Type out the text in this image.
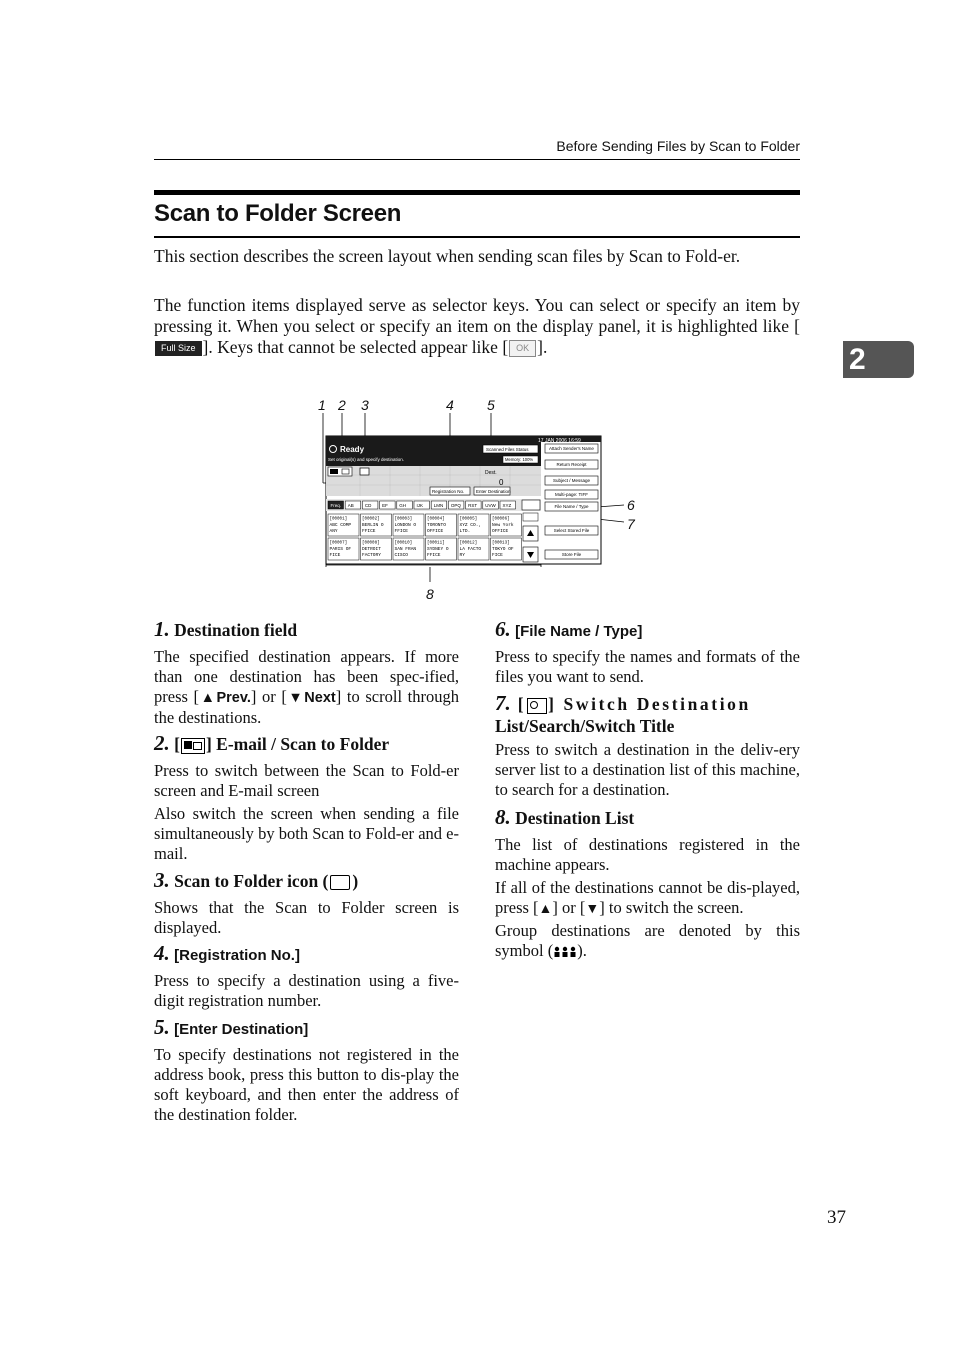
Before Sending Files by Scan to Folder
Scan to Folder Screen
2
This section describes the screen layout when sending scan files by Scan to Fold-er.
The function items displayed serve as selector keys. You can select or specify an item by pressing it. When you select or specify an item on the display panel, it is highlighted like [Full Size ]. Keys that cannot be selected appear like [ OK ].
1 2 3	4 5
6
7
8
17 JAN 2006 16:59
Ready
Set original(s) and specify destination.
Scanned Files Status
Memory: 100%
Dest.
0
Registration No.	Enter Destination
Freq. AB CD EF	GH IJK LMN OPQ RST UVW XYZ
[00001]
ABC COMP
ANY
[00002]
BERLIN O
FFICE
[00003]
LONDON O
FFICE
[00004]
TORONTO
OFFICE
[00005]
XYZ CO.,
LTD.
[00006]
New York
OFFICE
[00007]
PARIS OF
FICE
[00008]
DETROIT
FACTORY
[00010]
SAN FRAN
CISCO
[00011]
SYDNEY O
FFICE
[00012]
LA FACTO
RY
[00013]
TOKYO OF
FICE
Attach Sender's Name
Return Receipt
Subject / Message
Multi-page: TIFF
File Name / Type
Select Stored File
Store File
1. Destination field
The specified destination appears. If more than one destination has been spec-ified, press [▲Prev.] or [▼Next] to scroll through the destinations.
2. [ ] E-mail / Scan to Folder
Press to switch between the Scan to Fold-er screen and E-mail screen
Also switch the screen when sending a file simultaneously by both Scan to Fold-er and e-mail.
3. Scan to Folder icon ( )
Shows that the Scan to Folder screen is displayed.
4. [Registration No.]
Press to specify a destination using a five-digit registration number.
5. [Enter Destination]
To specify destinations not registered in the address book, press this button to dis-play the soft keyboard, and then enter the address of the destination folder.
6. [File Name / Type]
Press to specify the names and formats of the files you want to send.
7. [ ] Switch Destination
List/Search/Switch Title
Press to switch a destination in the deliv-ery server list to a destination list of this machine, to search for a destination.
8. Destination List
The list of destinations registered in the machine appears.
If all of the destinations cannot be dis-played, press [▲] or [▼] to switch the screen.
Group destinations are denoted by this symbol ( ).
37
